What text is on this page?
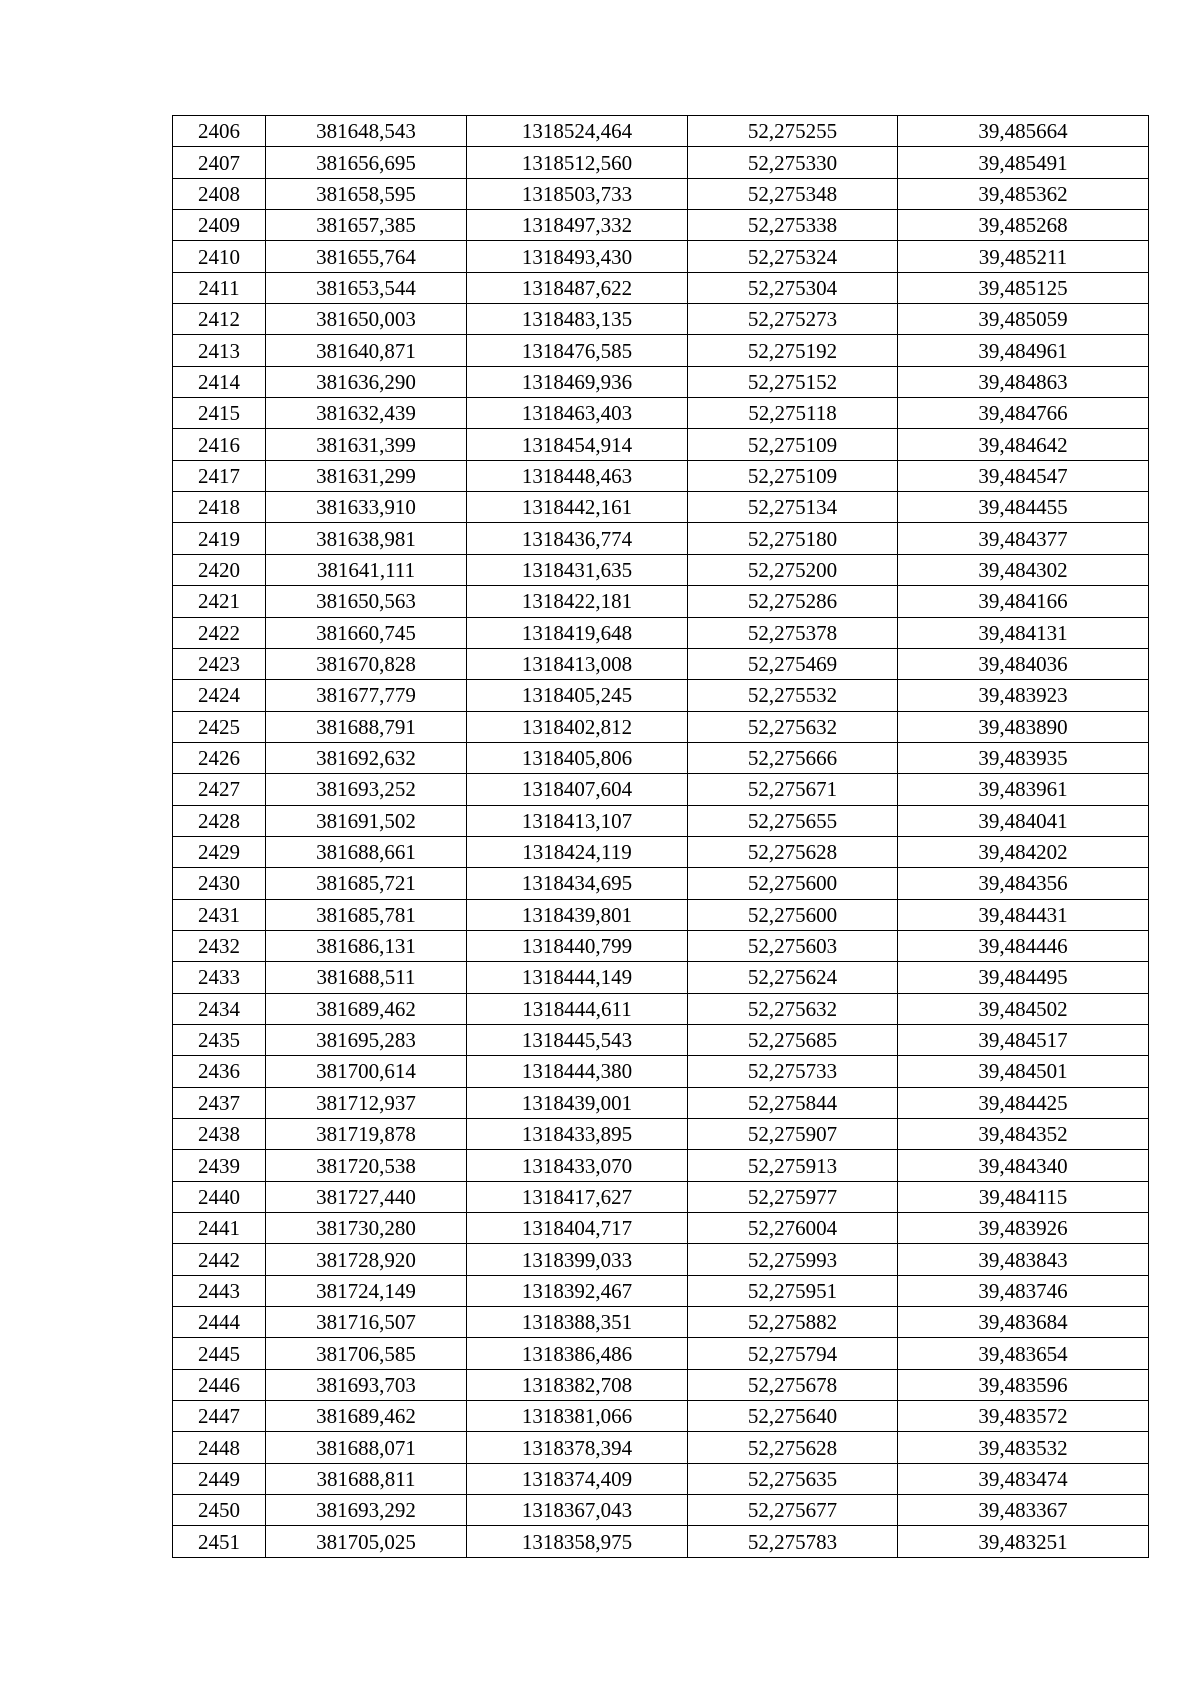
2406	381648,543	1318524,464	52,275255	39,485664
2407	381656,695	1318512,560	52,275330	39,485491
2408	381658,595	1318503,733	52,275348	39,485362
2409	381657,385	1318497,332	52,275338	39,485268
2410	381655,764	1318493,430	52,275324	39,485211
2411	381653,544	1318487,622	52,275304	39,485125
2412	381650,003	1318483,135	52,275273	39,485059
2413	381640,871	1318476,585	52,275192	39,484961
2414	381636,290	1318469,936	52,275152	39,484863
2415	381632,439	1318463,403	52,275118	39,484766
2416	381631,399	1318454,914	52,275109	39,484642
2417	381631,299	1318448,463	52,275109	39,484547
2418	381633,910	1318442,161	52,275134	39,484455
2419	381638,981	1318436,774	52,275180	39,484377
2420	381641,111	1318431,635	52,275200	39,484302
2421	381650,563	1318422,181	52,275286	39,484166
2422	381660,745	1318419,648	52,275378	39,484131
2423	381670,828	1318413,008	52,275469	39,484036
2424	381677,779	1318405,245	52,275532	39,483923
2425	381688,791	1318402,812	52,275632	39,483890
2426	381692,632	1318405,806	52,275666	39,483935
2427	381693,252	1318407,604	52,275671	39,483961
2428	381691,502	1318413,107	52,275655	39,484041
2429	381688,661	1318424,119	52,275628	39,484202
2430	381685,721	1318434,695	52,275600	39,484356
2431	381685,781	1318439,801	52,275600	39,484431
2432	381686,131	1318440,799	52,275603	39,484446
2433	381688,511	1318444,149	52,275624	39,484495
2434	381689,462	1318444,611	52,275632	39,484502
2435	381695,283	1318445,543	52,275685	39,484517
2436	381700,614	1318444,380	52,275733	39,484501
2437	381712,937	1318439,001	52,275844	39,484425
2438	381719,878	1318433,895	52,275907	39,484352
2439	381720,538	1318433,070	52,275913	39,484340
2440	381727,440	1318417,627	52,275977	39,484115
2441	381730,280	1318404,717	52,276004	39,483926
2442	381728,920	1318399,033	52,275993	39,483843
2443	381724,149	1318392,467	52,275951	39,483746
2444	381716,507	1318388,351	52,275882	39,483684
2445	381706,585	1318386,486	52,275794	39,483654
2446	381693,703	1318382,708	52,275678	39,483596
2447	381689,462	1318381,066	52,275640	39,483572
2448	381688,071	1318378,394	52,275628	39,483532
2449	381688,811	1318374,409	52,275635	39,483474
2450	381693,292	1318367,043	52,275677	39,483367
2451	381705,025	1318358,975	52,275783	39,483251
